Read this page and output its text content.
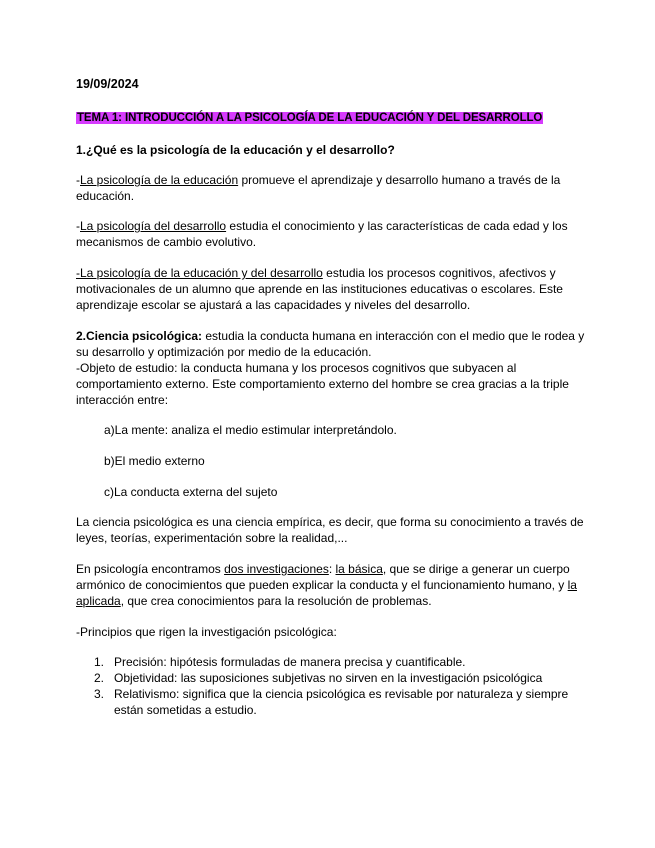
19/09/2024
TEMA 1: INTRODUCCIÓN A LA PSICOLOGÍA DE LA EDUCACIÓN Y DEL DESARROLLO
1.¿Qué es la psicología de la educación y el desarrollo?
-La psicología de la educación promueve el aprendizaje y desarrollo humano a través de la educación.
-La psicología del desarrollo estudia el conocimiento y las características de cada edad y los mecanismos de cambio evolutivo.
-La psicología de la educación y del desarrollo estudia los procesos cognitivos, afectivos y motivacionales de un alumno que aprende en las instituciones educativas o escolares. Este aprendizaje escolar se ajustará a las capacidades y niveles del desarrollo.
2.Ciencia psicológica: estudia la conducta humana en interacción con el medio que le rodea y su desarrollo y optimización por medio de la educación.
-Objeto de estudio: la conducta humana y los procesos cognitivos que subyacen al comportamiento externo. Este comportamiento externo del hombre se crea gracias a la triple interacción entre:
a)La mente: analiza el medio estimular interpretándolo.
b)El medio externo
c)La conducta externa del sujeto
La ciencia psicológica es una ciencia empírica, es decir, que forma su conocimiento a través de leyes, teorías, experimentación sobre la realidad,...
En psicología encontramos dos investigaciones: la básica, que se dirige a generar un cuerpo armónico de conocimientos que pueden explicar la conducta y el funcionamiento humano, y la aplicada, que crea conocimientos para la resolución de problemas.
-Principios que rigen la investigación psicológica:
1. Precisión: hipótesis formuladas de manera precisa y cuantificable.
2. Objetividad: las suposiciones subjetivas no sirven en la investigación psicológica
3. Relativismo: significa que la ciencia psicológica es revisable por naturaleza y siempre están sometidas a estudio.
